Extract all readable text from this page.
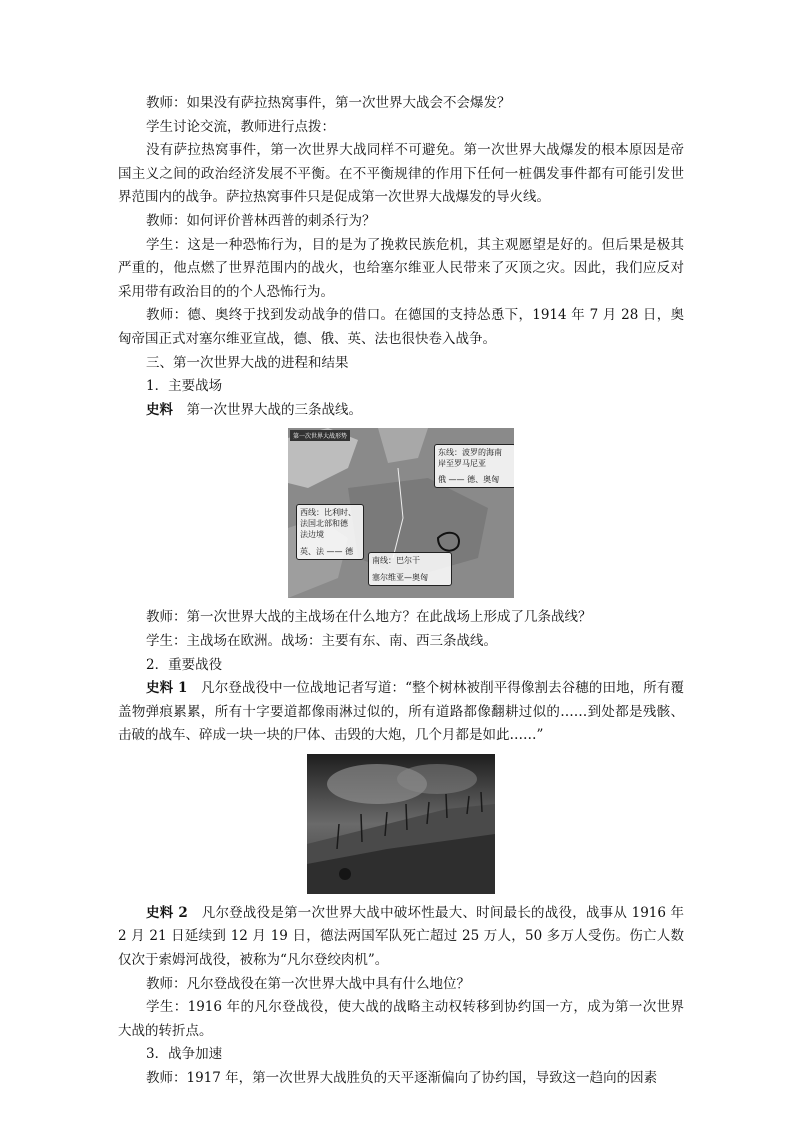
教师：如果没有萨拉热窝事件，第一次世界大战会不会爆发？

学生讨论交流，教师进行点拨：

没有萨拉热窝事件，第一次世界大战同样不可避免。第一次世界大战爆发的根本原因是帝国主义之间的政治经济发展不平衡。在不平衡规律的作用下任何一桩偶发事件都有可能引发世界范围内的战争。萨拉热窝事件只是促成第一次世界大战爆发的导火线。

教师：如何评价普林西普的刺杀行为？

学生：这是一种恐怖行为，目的是为了挽救民族危机，其主观愿望是好的。但后果是极其严重的，他点燃了世界范围内的战火，也给塞尔维亚人民带来了灭顶之灾。因此，我们应反对采用带有政治目的的个人恐怖行为。

教师：德、奥终于找到发动战争的借口。在德国的支持怂恿下，1914 年 7 月 28 日，奥匈帝国正式对塞尔维亚宣战，德、俄、英、法也很快卷入战争。

三、第一次世界大战的进程和结果

1．主要战场

史料　 第一次世界大战的三条战线。

第一次世界大战形势
东线：波罗的海南
岸至罗马尼亚
俄 —— 德、奥匈
西线：比利时、
法国北部和德
法边境
英、法 —— 德
南线：巴尔干
塞尔维亚—奥匈

教师：第一次世界大战的主战场在什么地方？在此战场上形成了几条战线？

学生：主战场在欧洲。战场：主要有东、南、西三条战线。

2．重要战役

史料 1　 凡尔登战役中一位战地记者写道：“整个树林被削平得像割去谷穗的田地，所有覆盖物弹痕累累，所有十字要道都像雨淋过似的，所有道路都像翻耕过似的……到处都是残骸、击破的战车、碎成一块一块的尸体、击毁的大炮，几个月都是如此……”

史料 2　 凡尔登战役是第一次世界大战中破坏性最大、时间最长的战役，战事从 1916 年 2 月 21 日延续到 12 月 19 日，德法两国军队死亡超过 25 万人，50 多万人受伤。伤亡人数仅次于索姆河战役，被称为“凡尔登绞肉机”。

教师：凡尔登战役在第一次世界大战中具有什么地位？

学生：1916 年的凡尔登战役，使大战的战略主动权转移到协约国一方，成为第一次世界大战的转折点。

3．战争加速

教师：1917 年，第一次世界大战胜负的天平逐渐偏向了协约国，导致这一趋向的因素
